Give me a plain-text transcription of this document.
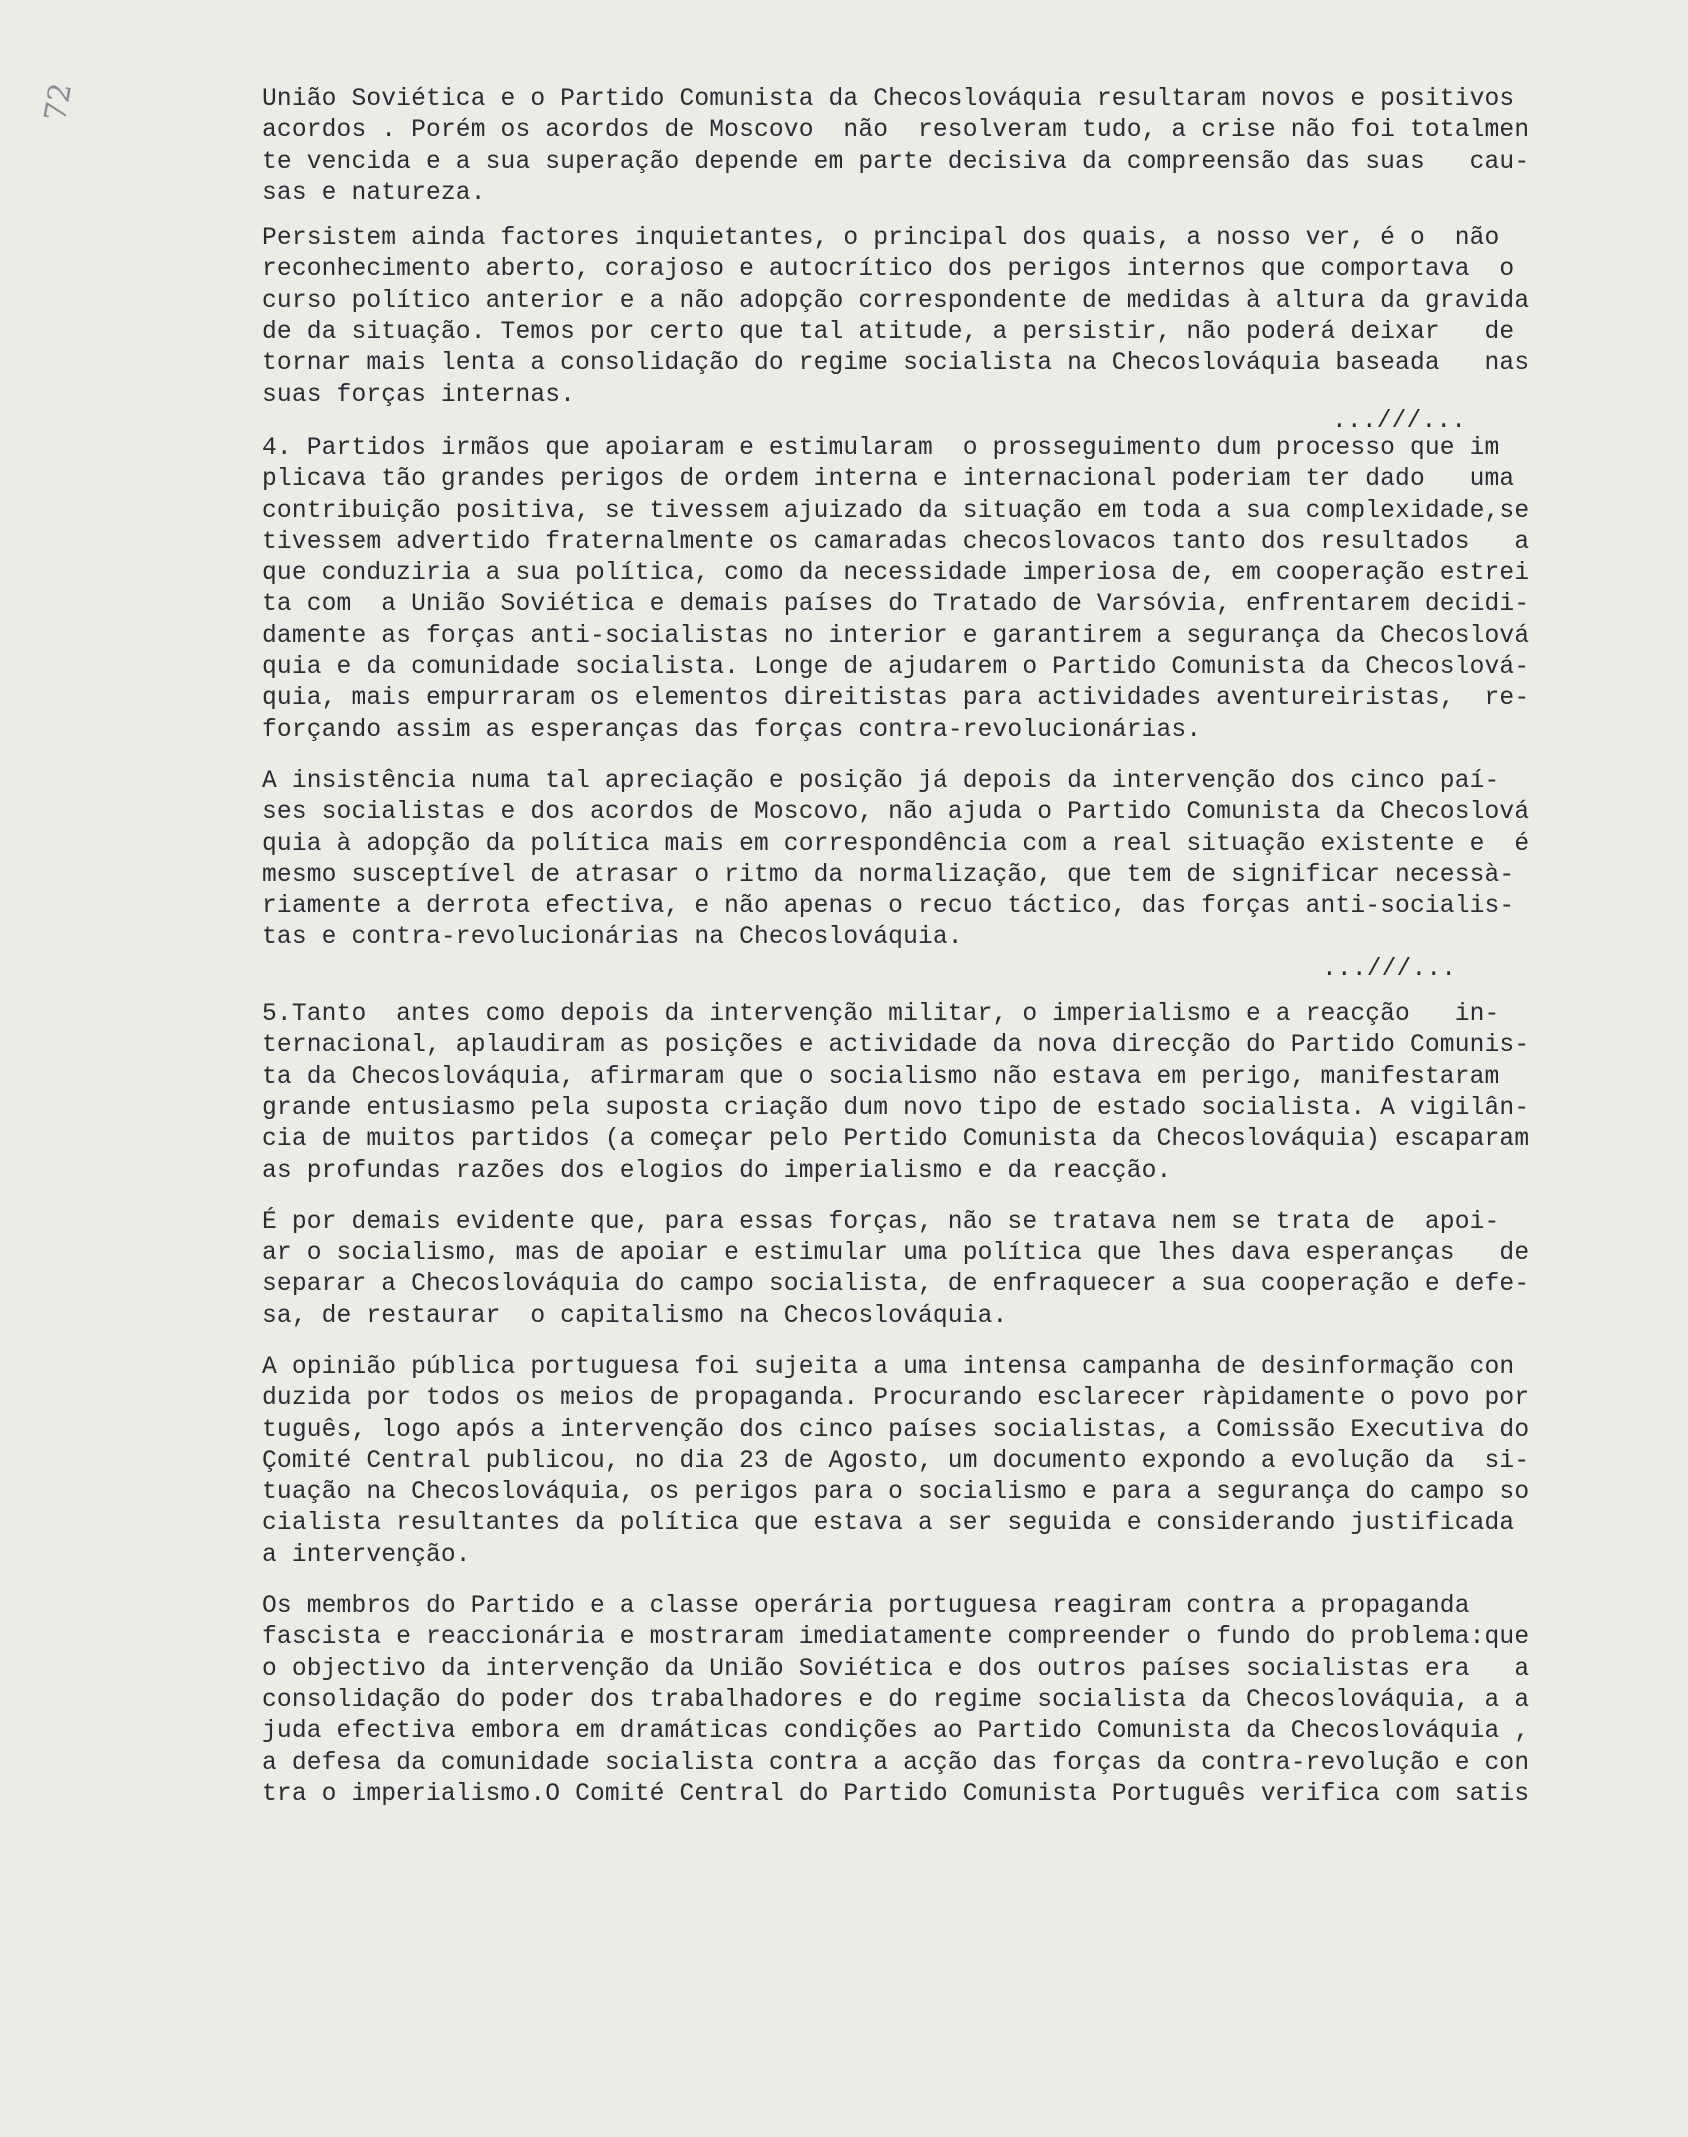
72	União Soviética e o Partido Comunista da Checoslováquia resultaram novos e positivos
acordos . Porém os acordos de Moscovo  não  resolveram tudo, a crise não foi totalmen
te vencida e a sua superação depende em parte decisiva da compreensão das suas   cau-
sas e natureza.
Persistem ainda factores inquietantes, o principal dos quais, a nosso ver, é o  não
reconhecimento aberto, corajoso e autocrítico dos perigos internos que comportava  o
curso político anterior e a não adopção correspondente de medidas à altura da gravida
de da situação. Temos por certo que tal atitude, a persistir, não poderá deixar   de
tornar mais lenta a consolidação do regime socialista na Checoslováquia baseada   nas
suas forças internas.
...///...
4. Partidos irmãos que apoiaram e estimularam  o prosseguimento dum processo que im
plicava tão grandes perigos de ordem interna e internacional poderiam ter dado   uma
contribuição positiva, se tivessem ajuizado da situação em toda a sua complexidade,se
tivessem advertido fraternalmente os camaradas checoslovacos tanto dos resultados   a
que conduziria a sua política, como da necessidade imperiosa de, em cooperação estrei
ta com  a União Soviética e demais países do Tratado de Varsóvia, enfrentarem decidi-
damente as forças anti-socialistas no interior e garantirem a segurança da Checoslová
quia e da comunidade socialista. Longe de ajudarem o Partido Comunista da Checoslová-
quia, mais empurraram os elementos direitistas para actividades aventureiristas,  re-
forçando assim as esperanças das forças contra-revolucionárias.
A insistência numa tal apreciação e posição já depois da intervenção dos cinco paí-
ses socialistas e dos acordos de Moscovo, não ajuda o Partido Comunista da Checoslová
quia à adopção da política mais em correspondência com a real situação existente e  é
mesmo susceptível de atrasar o ritmo da normalização, que tem de significar necessà-
riamente a derrota efectiva, e não apenas o recuo táctico, das forças anti-socialis-
tas e contra-revolucionárias na Checoslováquia.
...///...
5.Tanto  antes como depois da intervenção militar, o imperialismo e a reacção   in-
ternacional, aplaudiram as posições e actividade da nova direcção do Partido Comunis-
ta da Checoslováquia, afirmaram que o socialismo não estava em perigo, manifestaram
grande entusiasmo pela suposta criação dum novo tipo de estado socialista. A vigilân-
cia de muitos partidos (a começar pelo Pertido Comunista da Checoslováquia) escaparam
as profundas razões dos elogios do imperialismo e da reacção.
É por demais evidente que, para essas forças, não se tratava nem se trata de  apoi-
ar o socialismo, mas de apoiar e estimular uma política que lhes dava esperanças   de
separar a Checoslováquia do campo socialista, de enfraquecer a sua cooperação e defe-
sa, de restaurar  o capitalismo na Checoslováquia.
A opinião pública portuguesa foi sujeita a uma intensa campanha de desinformação con
duzida por todos os meios de propaganda. Procurando esclarecer ràpidamente o povo por
tuguês, logo após a intervenção dos cinco países socialistas, a Comissão Executiva do
Çomité Central publicou, no dia 23 de Agosto, um documento expondo a evolução da  si-
tuação na Checoslováquia, os perigos para o socialismo e para a segurança do campo so
cialista resultantes da política que estava a ser seguida e considerando justificada
a intervenção.
Os membros do Partido e a classe operária portuguesa reagiram contra a propaganda
fascista e reaccionária e mostraram imediatamente compreender o fundo do problema:que
o objectivo da intervenção da União Soviética e dos outros países socialistas era   a
consolidação do poder dos trabalhadores e do regime socialista da Checoslováquia, a a
juda efectiva embora em dramáticas condições ao Partido Comunista da Checoslováquia ,
a defesa da comunidade socialista contra a acção das forças da contra-revolução e con
tra o imperialismo.O Comité Central do Partido Comunista Português verifica com satis
